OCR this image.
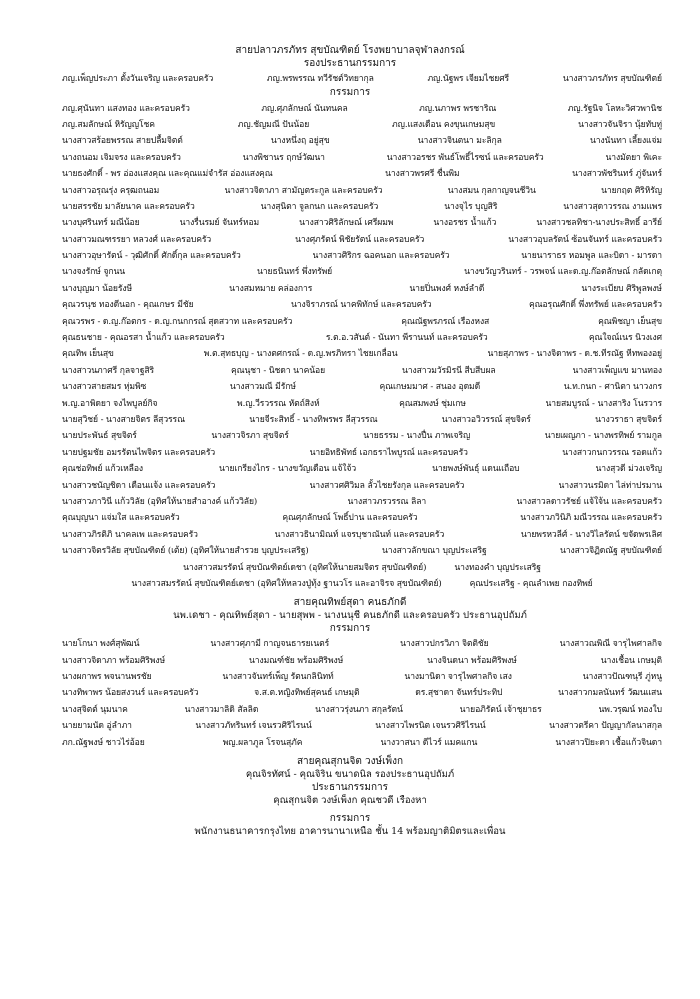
สายปลาวภรภัทร สุขบัณฑิตย์ โรงพยาบาลจุฬาลงกรณ์
รองประธานกรรมการ
ภญ.เพ็ญประภา ตั้งวันเจริญ และครอบครัว	ภญ.พรพรรณ ทวีรัชต์วิทยากุล	ภญ.นัฐพร เจียมไชยศรี	นางสาวภรภัทร สุขบัณฑิตย์
กรรมการ
ภญ.ศุนันทา แสงทอง และครอบครัว	ภญ.ศุภลักษณ์ นันทนคล	ภญ.นภาพร พรชาริณ	ภญ.รัฐนิจ โลหะวิศวพานิช
ภญ.สมลักษณ์ หิรัญญโชค	ภญ.ชัญมณี ปันน้อย	ภญ.แสงเดือน คงขุนเกษมสุข	นางสาวจันจิรา นุ้ยทับทู่
นางสาวสร้อยพรรณ สายปลื้มจิตต์	นางหนึ่งฤ อยู่สุข	นางสาวจินตนา มะลิกุล	นางนันทา เลี้ยงแจ่ม
นางถนอม เจิมจรง และครอบครัว	นางพิชานร ฤกษ์วัฒนา	นางสาวอรชร พันธ์โพธิ์ไรซน์ และครอบครัว	นางมัตยา พิเคะ
นายธงศักดิ์ - พร อ่องแสงคุณ และคุณแม่จำรัส อ่องแสงคุณ	นางสาวพรศรี ชื่นพิม	นางสาวพัชรินทร์ ภู่จันทร์
นางสาวอรุณรุ่ง ครุฒถนอม	นางสาวจิดาภา สามัญตระกูล และครอบครัว	นางสมน กุลกาญจนชีวิน	นายกฤต ศิริหิรัญ
นายสรรชัย มาลัยนาค และครอบครัว	นางสุนิตา จูลกนก และครอบครัว	นางจุไร บุญสิริ	นางสาวสุดาวรรณ งามแพร
นางบุศรินทร์ มณีน้อย	นางรื่นรมย์ จันทร์หอม	นางสาวศิริลักษณ์ เศรีผมพ	นางอรชร น้ำแก้ว	นางสาวชลทิชา-นางประสิทธิ์ อารีย์
นางสาวมณฑรรยา หลวงศ์ และครอบครัว	นางศุภรัตน์ พิชัยรัตน์ และครอบครัว	นางสาวอุบลรัตน์ ซ้อนจันทร์ และครอบครัว
นางสาวอุษารัตน์ - วุฒิศักดิ์ ศักดิ์กุล และครอบครัว	นางสาวศิริกร ฉอคนอก และครอบครัว	นายนาราธร หอมพูล และบิดา - มารดา
นางจงรักษ์ จูกนน	นายธนินทร์ พึ่งทรัพย์	นางขวัญวรินทร์ - วรพจน์ และด.ญ.ก๊อตลักษณ์ กลัดเกตุ
นางบุญมา น้อยรังษี	นางสมหมาย คล่องการ	นายปิ่นพงศ์ หงษ์ลำดี	นางระเบียบ ศิริพูลพงษ์
คุณวรนุช ทองดีนอก - คุณเกษร มีชัย	นางจิราภรณ์ นาคพิทักษ์ และครอบครัว	คุณอรุณศักดิ์ พึ่งทรัพย์ และครอบครัว
คุณวรพร - ด.ญ.ก๊อตกร - ด.ญ.กนกกรณ์ สุดสวาท และครอบครัว	คุณณัฐพรภรณ์ เรืองหงส	คุณพิชญา เย็นสุข
คุณธนชาย - คุณอรสา น้ำแก้ว และครอบครัว	ร.ต.อ.วสันต์ - นันทา พีรานนท์ และครอบครัว	คุณใจณ์เนร นิวงเงศ
คุณทิพ เย็นสุข	พ.ต.สุทธบุญ - นางตศกรณ์ - ด.ญ.พรภิทรา ไชยเกลื่อน	นายสุภาพร - นางจิดาพร - ด.ช.ทีรณัฐ หีทพองอยู่
นางสาวนภาศรี กุลจาฐสิริ	คุณนุชา - นิชดา นาคน้อย	นางสาวมวัรมิรนี สีบสีบผล	นางสาวเพ็ญแข มานทอง
นางสาวสายสมร หุ่มพิซ	นางสาวมณี มีรักษ์	คุณเกษมมาศ - สนอง อุดมดี	น.ท.กนก - ศานิตา นาวงกร
พ.ญ.อาพิดยา จงไพบูลย์กิจ	พ.ญ.วีรวรรณ หัตถ์สิงห์	คุณสมพงษ์ ชุ่มเกษ	นายสมบูรณ์ - นางสาริง โนรวาร
นายสุวิชย์ - นางสายจิตร ลีสุวรรณ	นายจีระสิทธิ์ - นางทิพรพร ลีสุวรรณ	นางสาวอวิวรรณ์ สุขจิตร์	นางวราธา สุขจิตร์
นายประพันธ์ สุขจิตร์	นางสาวจิรภา สุขจิตร์	นายธรรม - นางปื่น ภาพเจริญ	นายเผญภา - นางพรทิพย์ รามกูล
นายปฐมชัย อมรรัตนไพจิตร และครอบครัว	นายอิทธิพัทธ์ เอกธราไพบูรณ์ และครอบครัว	นางสาวกนกวรรณ รอดแก้ว
คุณช่อทิพย์ แก้วเหลือง	นายเกรียงไกร - นางขวัญเดือน แจ้ใจ้ว	นายพงษ์พันธุ์ แดนแถือบ	นางสุวดี ม่วงเจริญ
นางสาวชนัญชิดา เดือนแจ้ง และครอบครัว	นางสาวศศิวิมล ลั้วไชยรังกุล และครอบครัว	นางสาวนรมิดา ไล่ท่าปรมาน
นางสาวภาวินี แก้ววิลัย (อุทิศให้นายสำอางค์ แก้ววิลัย)	นางสาวภรวรรณ ลิลา	นางสาวลดาวรัชย์ แจ้ใจ้น และครอบครัว
คุณบุญนา แจ่มใส และครอบครัว	คุณศุภลักษณ์ โพธิ์ปาน และครอบครัว	นางสาวภวินิภิ มณีวรรณ และครอบครัว
นางสาวภิรติภิ นาคลเพ และครอบครัว	นางสาวธินามิณท์ แจรบุชาณันท์ และครอบครัว	นายพรหวลีศ์ - นางวิไลรัตน์ ขจัดพรเลิศ
นางสาวจิตรวิลัย สุขบัณฑิตย์ (เต้ย) (อุทิศให้นายสำรวย บุญประเสริฐ)	นางสาวลักขณา บุญประเสริฐ	นางสาวจิฏิดณัฐ สุขบัณฑิตย์
นางสาวสมรรัตน์ สุขบัณฑิตย์เดชา (อุทิศให้นายสมจิตร สุขบัณฑิตย์)	นางทองคำ บุญประเสริฐ
นางสาวสมรรัตน์ สุขบัณฑิตย์เดชา (อุทิศให้หลวงปู่ทุ้ง ฐานวโร และอาจิรจ สุขบัณฑิตย์)	คุณประเสริฐ - คุณลำเพย กองทิพย์
สายคุณทิพย์สุดา คนธภักดี
นพ.เดชา - คุณทิพย์สุดา - นายสุพพ - นางนนุชี คนธภักดี และครอบครัว ประธานอุปถัมภ์
กรรมการ
นายโกนา พงศ์สุพัฒน์	นางสาวศุภามี กาญจนธารยเนตร์	นางสาวปกรวิภา จิตติชัย	นางสาวณพิณี จารุไพศาลกิจ
นางสาวจิดาภา พร้อมศิริพงษ์	นางมณฑ์ชัย พร้อมศิริพงษ์	นางจินดนา พร้อมศิริพงษ์	นางเชื้อน เกษมุติ
นางผกาพร พจนานพรชัย	นางสาวจันทร์เพ็ญ รัตนกลินิทท์	นางมานิดา จารุไพศาลกิจ เสง	นางสาวปัณฑนุรี ภู่หนู
นางทิพาพร น้อยสงวนร์ และครอบครัว	จ.ส.ต.หญิงทิพย์สุคนธ์ เกษมุติ	ดร.สุชาดา จันทร์ประทิป	นางสาวกมลนันทร์ วัฒนแสน
นางสุจิตต์ นุมนาค	นางสาวมาลิดิ สัลลิด	นางสาวรุ่งนภา สกุลรัตน์	นายอภิรัตน์ เจ้าชุยาธร	นพ.วรุฒน์ ทองใบ
นายยามนัด อู่ลำภา	นางสาวภัทรินทร์ เจนรวศิริไรนน์	นางสาวไพรนิต เจนรวศิริไรนน์	นางสาวตรีคา ปัญญากัลนาสกุล
ภก.ณัฐพงษ์ ชาวไร่อ้อย	พญ.ผลาภูล โรจนสุภัค	นางวาสนา ดีไวร์ แมคแกน	นางสาวปิยะดา เชื้อแก้วจินดา
สายคุณสุกนจิต วงษ์เพ็งก
คุณจิรทัศน์ - คุณจิริน ขนาดนิล รองประธานอุปถัมภ์
ประธานกรรมการ
คุณสุกนจิต วงษ์เพ็งก คุณชวดี เรืองหา
กรรมการ
พนักงานธนาคารกรุงไทย อาคารนานาเหนือ ชั้น 14 พร้อมญาติมิตรและเพื่อน
